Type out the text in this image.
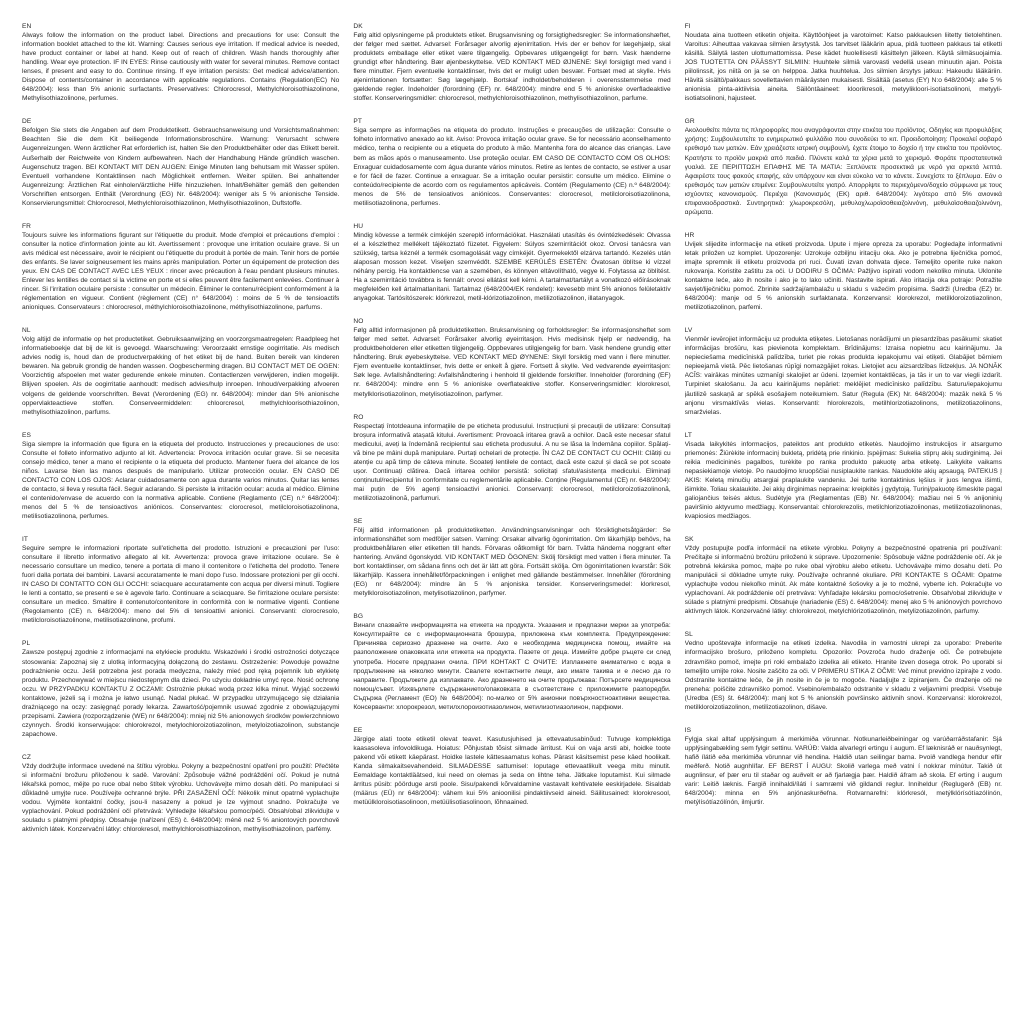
EN

Always follow the information on the product label. Directions and precautions for use: Consult the information booklet attached to the kit. Warning: Causes serious eye irritation. If medical advice is needed, have product container or label at hand. Keep out of reach of children. Wash hands thoroughly after handling. Wear eye protection. IF IN EYES: Rinse cautiously with water for several minutes. Remove contact lenses, if present and easy to do. Continue rinsing. If eye irritation persists: Get medical advice/attention. Dispose of contents/container in accordance with applicable regulations. Contains (Regulation(EC) No 648/2004): less than 5% anionic surfactants. Preservatives: Chlorocresol, Methylchloroisothiazolinone, Methylisothiazolinone, perfumes.

DE

Befolgen Sie stets die Angaben auf dem Produktetikett. Gebrauchsanweisung und Vorsichtsmaßnahmen: Beachten Sie die dem Kit beiliegende Informationsbroschüre. Warnung: Verursacht schwere Augenreizungen. Wenn ärztlicher Rat erforderlich ist, halten Sie den Produktbehälter oder das Etikett bereit. Außerhalb der Reichweite von Kindern aufbewahren. Nach der Handhabung Hände gründlich waschen. Augenschutz tragen. BEI KONTAKT MIT DEN AUGEN: Einige Minuten lang behutsam mit Wasser spülen. Eventuell vorhandene Kontaktlinsen nach Möglichkeit entfernen. Weiter spülen. Bei anhaltender Augenreizung: Ärztlichen Rat einholen/ärztliche Hilfe hinzuziehen. Inhalt/Behälter gemäß den geltenden Vorschriften entsorgen. Enthält (Verordnung (EG) Nr. 648/2004): weniger als 5 % anionische Tenside. Konservierungsmittel: Chlorocresol, Methylchloroisothiazolinon, Methylisothiazolinon, Duftstoffe.

FR

Toujours suivre les informations figurant sur l'étiquette du produit. Mode d'emploi et précautions d'emploi : consulter la notice d'information jointe au kit. Avertissement : provoque une irritation oculaire grave. Si un avis médical est nécessaire, avoir le récipient ou l'étiquette du produit à portée de main. Tenir hors de portée des enfants. Se laver soigneusement les mains après manipulation. Porter un équipement de protection des yeux. EN CAS DE CONTACT AVEC LES YEUX : rincer avec précaution à l'eau pendant plusieurs minutes. Enlever les lentilles de contact si la victime en porte et si elles peuvent être facilement enlevées. Continuer à rincer. Si l'irritation oculaire persiste : consulter un médecin. Éliminer le contenu/récipient conformément à la réglementation en vigueur. Contient (règlement (CE) n° 648/2004) : moins de 5 % de tensioactifs anioniques. Conservateurs : chlorocresol, méthylchloroisothiazolinone, méthylisothiazolinone, parfums.

NL

Volg altijd de informatie op het productetiket. Gebruiksaanwijzing en voorzorgsmaatregelen: Raadpleeg het informatieboekje dat bij de kit is gevoegd. Waarschuwing: Veroorzaakt ernstige oogirritatie. Als medisch advies nodig is, houd dan de productverpakking of het etiket bij de hand. Buiten bereik van kinderen bewaren. Na gebruik grondig de handen wassen. Oogbescherming dragen. BIJ CONTACT MET DE OGEN: Voorzichtig afspoelen met water gedurende enkele minuten. Contactlenzen verwijderen, indien mogelijk. Blijven spoelen. Als de oogirritatie aanhoudt: medisch advies/hulp inroepen. Inhoud/verpakking afvoeren volgens de geldende voorschriften. Bevat (Verordening (EG) nr. 648/2004): minder dan 5% anionische oppervlakteactieve stoffen. Conserveermiddelen: chloorcresol, methylchloorisothiazolinon, methylisothiazolinon, parfums.

ES

Siga siempre la información que figura en la etiqueta del producto. Instrucciones y precauciones de uso: Consulte el folleto informativo adjunto al kit. Advertencia: Provoca irritación ocular grave. Si se necesita consejo médico, tener a mano el recipiente o la etiqueta del producto. Mantener fuera del alcance de los niños. Lavarse bien las manos después de manipularlo. Utilizar protección ocular. EN CASO DE CONTACTO CON LOS OJOS: Aclarar cuidadosamente con agua durante varios minutos. Quitar las lentes de contacto, si lleva y resulta fácil. Seguir aclarando. Si persiste la irritación ocular: acuda al médico. Elimine el contenido/envase de acuerdo con la normativa aplicable. Contiene (Reglamento (CE) n.º 648/2004): menos del 5 % de tensioactivos aniónicos. Conservantes: clorocresol, metilcloroisotiazolinona, metilisotiazolinona, perfumes.

IT

Seguire sempre le informazioni riportate sull'etichetta del prodotto. Istruzioni e precauzioni per l'uso: consultare il libretto informativo allegato al kit. Avvertenza: provoca grave irritazione oculare. Se è necessario consultare un medico, tenere a portata di mano il contenitore o l'etichetta del prodotto. Tenere fuori dalla portata dei bambini. Lavarsi accuratamente le mani dopo l'uso. Indossare protezioni per gli occhi. IN CASO DI CONTATTO CON GLI OCCHI: sciacquare accuratamente con acqua per diversi minuti. Togliere le lenti a contatto, se presenti e se è agevole farlo. Continuare a sciacquare. Se l'irritazione oculare persiste: consultare un medico. Smaltire il contenuto/contenitore in conformità con le normative vigenti. Contiene (Regolamento (CE) n. 648/2004): meno del 5% di tensioattivi anionici. Conservanti: clorocresolo, metilcloroisotiazolinone, metilisotiazolinone, profumi.

PL

Zawsze postępuj zgodnie z informacjami na etykiecie produktu. Wskazówki i środki ostrożności dotyczące stosowania: Zapoznaj się z ulotką informacyjną dołączoną do zestawu. Ostrzeżenie: Powoduje poważne podrażnienie oczu. Jeśli potrzebna jest porada medyczna, należy mieć pod ręką pojemnik lub etykietę produktu. Przechowywać w miejscu niedostępnym dla dzieci. Po użyciu dokładnie umyć ręce. Nosić ochronę oczu. W PRZYPADKU KONTAKTU Z OCZAMI: Ostrożnie płukać wodą przez kilka minut. Wyjąć soczewki kontaktowe, jeżeli są i można je łatwo usunąć. Nadal płukać. W przypadku utrzymującego się działania drażniącego na oczy: zasięgnąć porady lekarza. Zawartość/pojemnik usuwać zgodnie z obowiązującymi przepisami. Zawiera (rozporządzenie (WE) nr 648/2004): mniej niż 5% anionowych środków powierzchniowo czynnych. Środki konserwujące: chlorokrezol, metylochloroizotiazolinon, metyloizotiazolinon, substancje zapachowe.

CZ

Vždy dodržujte informace uvedené na štítku výrobku. Pokyny a bezpečnostní opatření pro použití: Přečtěte si informační brožuru přiloženou k sadě. Varování: Způsobuje vážné podráždění očí. Pokud je nutná lékařská pomoc, mějte po ruce obal nebo štítek výrobku. Uchovávejte mimo dosah dětí. Po manipulaci si důkladně umyjte ruce. Používejte ochranné brýle. PŘI ZASAŽENÍ OČÍ: Několik minut opatrně vyplachujte vodou. Vyjměte kontaktní čočky, jsou-li nasazeny a pokud je lze vyjmout snadno. Pokračujte ve vyplachování. Pokud podráždění očí přetrvává: Vyhledejte lékařskou pomoc/péči. Obsah/obal zlikvidujte v souladu s platnými předpisy. Obsahuje (nařízení (ES) č. 648/2004): méně než 5 % aniontových povrchově aktivních látek. Konzervační látky: chlorokresol, methylchloroisothiazolinon, methylisothiazolinon, parfémy.

DK

Følg altid oplysningerne på produktets etiket. Brugsanvisning og forsigtighedsregler: Se informationshæftet, der følger med sættet. Advarsel: Forårsager alvorlig øjenirritation. Hvis der er behov for lægehjælp, skal produktets emballage eller etiket være tilgængelig. Opbevares utilgængeligt for børn. Vask hænderne grundigt efter håndtering. Bær øjenbeskyttelse. VED KONTAKT MED ØJNENE: Skyl forsigtigt med vand i flere minutter. Fjern eventuelle kontaktlinser, hvis det er muligt uden besvær. Fortsæt med at skylle. Hvis øjenirritationen fortsætter: Søg lægehjælp. Bortskaf indholdet/beholderen i overensstemmelse med gældende regler. Indeholder (forordning (EF) nr. 648/2004): mindre end 5 % anioniske overfladeaktive stoffer. Konserveringsmidler: chlorocresol, methylchloroisothiazolinon, methylisothiazolinon, parfume.

PT

Siga sempre as informações na etiqueta do produto. Instruções e precauções de utilização: Consulte o folheto informativo anexado ao kit. Aviso: Provoca irritação ocular grave. Se for necessário aconselhamento médico, tenha o recipiente ou a etiqueta do produto à mão. Mantenha fora do alcance das crianças. Lave bem as mãos após o manuseamento. Use proteção ocular. EM CASO DE CONTACTO COM OS OLHOS: Enxaguar cuidadosamente com água durante vários minutos. Retire as lentes de contacto, se estiver a usar e for fácil de fazer. Continue a enxaguar. Se a irritação ocular persistir: consulte um médico. Elimine o conteúdo/recipiente de acordo com os regulamentos aplicáveis. Contém (Regulamento (CE) n.º 648/2004): menos de 5% de tensioativos aniónicos. Conservantes: clorocresol, metilcloroisotiazolinona, metilisotiazolinona, perfumes.

HU

Mindig kövesse a termék címkéjén szereplő információkat. Használati utasítás és óvintézkedések: Olvassa el a készlethez mellékelt tájékoztató füzetet. Figyelem: Súlyos szemirritációt okoz. Orvosi tanácsra van szükség, tartsa kéznél a termék csomagolását vagy címkéjét. Gyermekektől elzárva tartandó. Kezelés után alaposan mosson kezet. Viseljen szemvédőt. SZEMBE KERÜLÉS ESETÉN: Óvatosan öblítse ki vízzel néhány percig. Ha kontaktlencse van a szemében, és könnyen eltávolítható, vegye ki. Folytassa az öblítést. Ha a szemirritáció továbbra is fennáll: orvosi ellátást kell kérni. A tartalmat/tartályt a vonatkozó előírásoknak megfelelően kell ártalmatlanítani. Tartalmaz (648/2004/EK rendelet): kevesebb mint 5% anionos felületaktív anyagokat. Tartósítószerek: klórkrezol, metil-klórizotiazolinon, metilizotiazolinon, illatanyagok.

NO

Følg alltid informasjonen på produktetiketten. Bruksanvisning og forholdsregler: Se informasjonsheftet som følger med settet. Advarsel: Forårsaker alvorlig øyeirritasjon. Hvis medisinsk hjelp er nødvendig, ha produktbeholderen eller etiketten tilgjengelig. Oppbevares utilgjengelig for barn. Vask hendene grundig etter håndtering. Bruk øyebeskyttelse. VED KONTAKT MED ØYNENE: Skyll forsiktig med vann i flere minutter. Fjern eventuelle kontaktlinser, hvis dette er enkelt å gjøre. Fortsett å skylle. Ved vedvarende øyeirritasjon: Søk lege. Avfallshåndtering: Avfallshåndtering i henhold til gjeldende forskrifter. Inneholder (forordning (EF) nr. 648/2004): mindre enn 5 % anioniske overflateaktive stoffer. Konserveringsmidler: klorokresol, metylklorisotiazolinon, metylisotiazolinon, parfymer.

RO

Respectați întotdeauna informațiile de pe eticheta produsului. Instrucțiuni și precauții de utilizare: Consultați broșura informativă atașată kitului. Avertisment: Provoacă iritarea gravă a ochilor. Dacă este necesar sfatul medicului, aveți la îndemână recipientul sau eticheta produsului. A nu se lăsa la îndemâna copiilor. Spălați-vă bine pe mâini după manipulare. Purtați ochelari de protecție. ÎN CAZ DE CONTACT CU OCHII: Clătiți cu atenție cu apă timp de câteva minute. Scoateți lentilele de contact, dacă este cazul și dacă se pot scoate ușor. Continuați clătirea. Dacă iritarea ochilor persistă: solicitați sfatul/asistența medicului. Eliminați conținutul/recipientul în conformitate cu reglementările aplicabile. Conține (Regulamentul (CE) nr. 648/2004): mai puțin de 5% agenți tensioactivi anionici. Conservanți: clorocresol, metilcloroizotiazolinonă, metilizotiazolinonă, parfumuri.

SE

Följ alltid informationen på produktetiketten. Användningsanvisningar och försiktighetsåtgärder: Se informationshäftet som medföljer satsen. Varning: Orsakar allvarlig ögonirritation. Om läkarhjälp behövs, ha produktbehållaren eller etiketten till hands. Förvaras oåtkomligt för barn. Tvätta händerna noggrant efter hantering. Använd ögonskydd. VID KONTAKT MED ÖGONEN: Skölj försiktigt med vatten i flera minuter. Ta bort kontaktlinser, om sådana finns och det är lätt att göra. Fortsätt skölja. Om ögonirritationen kvarstår: Sök läkarhjälp. Kassera innehållet/förpackningen i enlighet med gällande bestämmelser. Innehåller (förordning (EG) nr 648/2004): mindre än 5 % anjoniska tensider. Konserveringsmedel: klorkresol, metylkloroisotiazolinon, metylisotiazolinon, parfymer.

BG

Винаги спазвайте информацията на етикета на продукта. Указания и предпазни мерки за употреба: Консултирайте се с информационната брошура, приложена към комплекта. Предупреждение: Причинява сериозно дразнене на очите. Ако е необходима медицинска помощ, имайте на разположение опаковката или етикета на продукта. Пазете от деца. Измийте добре ръцете си след употреба. Носете предпазни очила. ПРИ КОНТАКТ С ОЧИТЕ: Изплакнете внимателно с вода в продължение на няколко минути. Свалете контактните лещи, ако имате такива и е лесно да го направите. Продължете да изплаквате. Ако дразненето на очите продължава: Потърсете медицинска помощ/съвет. Изхвърлете съдържанието/опаковката в съответствие с приложимите разпоредби. Съдържа (Регламент (ЕО) № 648/2004): по-малко от 5% анионни повърхностноактивни вещества. Консерванти: хлорокрезол, метилхлороизотиазолинон, метилизотиазолинон, парфюми.

EE

Järgige alati toote etiketil olevat teavet. Kasutusjuhised ja ettevaatusabinõud: Tutvuge komplektiga kaasasoleva infovoldikuga. Hoiatus: Põhjustab tõsist silmade ärritust. Kui on vaja arsti abi, hoidke toote pakend või etikett käepärast. Hoidke lastele kättesaamatus kohas. Pärast käsitsemist pese käed hoolikalt. Kanda silmakaitsevahendeid. SILMADESSE sattumisel: loputage ettevaatlikult veega mitu minutit. Eemaldage kontaktläätsed, kui need on olemas ja seda on lihtne teha. Jätkake loputamist. Kui silmade ärritus püsib: pöörduge arsti poole. Sisu/pakendi kõrvaldamine vastavalt kehtivatele eeskirjadele. Sisaldab (määrus (EÜ) nr 648/2004): vähem kui 5% anioonilisi pindaktiivseid aineid. Säilitusained: klorokresool, metüülkloroisotiasolinoon, metüülisotiasolinoon, lõhnaained.

FI

Noudata aina tuotteen etiketin ohjeita. Käyttöohjeet ja varotoimet: Katso pakkauksen liitetty tietolehtinen. Varoitus: Aiheuttaa vakavaa silmien ärsytystä. Jos tarvitset lääkärin apua, pidä tuotteen pakkaus tai etiketti käsillä. Säilytä lasten ulottumattomissa. Pese kädet huolellisesti käsittelyn jälkeen. Käytä silmäsuojaimia. JOS TUOTETTA ON PÄÄSSYT SILMIIN: Huuhtele silmiä varovasti vedellä usean minuutin ajan. Poista piilolinssit, jos niitä on ja se on helppoa. Jatka huuhtelua. Jos silmien ärsytys jatkuu: Hakeudu lääkäriin. Hävitä sisältö/pakkaus sovellettavien määräysten mukaisesti. Sisältää (asetus (EY) N:o 648/2004): alle 5 % anionisia pinta-aktiivisia aineita. Säilöntäaineet: kloorikresoli, metyylikloori-isotiatsolinoni, metyyli-isotiatsolinoni, hajusteet.

GR

Ακολουθείτε πάντα τις πληροφορίες που αναγράφονται στην ετικέτα του προϊόντος. Οδηγίες και προφυλάξεις χρήσης: Συμβουλευτείτε το ενημερωτικό φυλλάδιο που συνοδεύει το κιτ. Προειδοποίηση: Προκαλεί σοβαρό ερεθισμό των ματιών. Εάν χρειάζεστε ιατρική συμβουλή, έχετε έτοιμο το δοχείο ή την ετικέτα του προϊόντος. Κρατήστε το προϊόν μακριά από παιδιά. Πλύνετε καλά τα χέρια μετά το χειρισμό. Φοράτε προστατευτικά γυαλιά. ΣΕ ΠΕΡΙΠΤΩΣΗ ΕΠΑΦΗΣ ΜΕ ΤΑ ΜΑΤΙΑ: Ξεπλύνετε προσεκτικά με νερό για αρκετά λεπτά. Αφαιρέστε τους φακούς επαφής, εάν υπάρχουν και είναι εύκολο να το κάνετε. Συνεχίστε το ξέπλυμα. Εάν ο ερεθισμός των ματιών επιμένει: Συμβουλευτείτε γιατρό. Απορρίψτε το περιεχόμενο/δοχείο σύμφωνα με τους ισχύοντες κανονισμούς. Περιέχει (Κανονισμός (ΕΚ) αριθ. 648/2004): λιγότερο από 5% ανιονικά επιφανειοδραστικά. Συντηρητικά: χλωροκρεσόλη, μεθυλοχλωροϊσοθειαζολινόνη, μεθυλοϊσοθειαζολινόνη, αρώματα.

HR

Uvijek slijedite informacije na etiketi proizvoda. Upute i mjere opreza za uporabu: Pogledajte informativni letak priložen uz komplet. Upozorenje: Uzrokuje ozbiljnu iritaciju oka. Ako je potrebna liječnička pomoć, imajte spremnik ili etiketu proizvoda pri ruci. Čuvati izvan dohvata djece. Temeljito operite ruke nakon rukovanja. Koristite zaštitu za oči. U DODIRU S OČIMA: Pažljivo ispirati vodom nekoliko minuta. Uklonite kontaktne leće, ako ih nosite i ako je to lako učiniti. Nastavite ispirati. Ako iritacija oka potraje: Potražite savjet/liječničku pomoć. Zbrinite sadržaj/ambalažu u skladu s važećim propisima. Sadrži (Uredba (EZ) br. 648/2004): manje od 5 % anionskih surfaktanata. Konzervansi: klorokrezol, metilkloroizotiazolinon, metilizotiazolinon, parfemi.

LV

Vienmēr ievērojiet informāciju uz produkta etiķetes. Lietošanas norādījumi un piesardzības pasākumi: skatiet informācijas brošūru, kas pievienota komplektam. Brīdinājums: Izraisa nopietnu acu kairinājumu. Ja nepieciešama medicīniskā palīdzība, turiet pie rokas produkta iepakojumu vai etiķeti. Glabājiet bērniem nepieejamā vietā. Pēc lietošanas rūpīgi nomazgājiet rokas. Lietojiet acu aizsardzības līdzekļus. JA NONĀK ACĪS: vairākas minūtes uzmanīgi skalojiet ar ūdeni. Izņemiet kontaktlēcas, ja tās ir un to var viegli izdarīt. Turpiniet skalošanu. Ja acu kairinājums nepāriet: meklējiet medicīnisko palīdzību. Saturu/iepakojumu jāutilizē saskaņā ar spēkā esošajiem noteikumiem. Satur (Regula (EK) Nr. 648/2004): mazāk nekā 5 % anjonu virsmaktīvās vielas. Konservanti: hlorokrezols, metilhlorizotiazolinons, metilizotiazolinons, smaržvielas.

LT

Visada laikykitės informacijos, pateiktos ant produkto etiketės. Naudojimo instrukcijos ir atsargumo priemonės: Žiūrėkite informacinį bukletą, pridėtą prie rinkinio. Įspėjimas: Sukelia stiprų akių sudirginimą. Jei reikia medicininės pagalbos, turėkite po ranka produkto pakuotę arba etiketę. Laikykite vaikams nepasiekiamoje vietoje. Po naudojimo kruopščiai nusiplaukite rankas. Naudokite akių apsaugą. PATEKUS Į AKIS: Keletą minučių atsargiai praplaukite vandeniu. Jei turite kontaktinius lęšius ir juos lengva išimti, išimkite. Toliau skalaukite. Jei akių dirginimas nepraeina: kreipkitės į gydytoją. Turinį/pakuotę išmeskite pagal galiojančius teisės aktus. Sudėtyje yra (Reglamentas (EB) Nr. 648/2004): mažiau nei 5 % anijoninių paviršinio aktyvumo medžiagų. Konservantai: chlorokrezolis, metilchlorizotiazolinonas, metilizotiazolinonas, kvapiosios medžiagos.

SK

Vždy postupujte podľa informácií na etikete výrobku. Pokyny a bezpečnostné opatrenia pri používaní: Prečítajte si informačnú brožúru priloženú k súprave. Upozornenie: Spôsobuje vážne podráždenie očí. Ak je potrebná lekárska pomoc, majte po ruke obal výrobku alebo etiketu. Uchovávajte mimo dosahu detí. Po manipulácii si dôkladne umyte ruky. Používajte ochranné okuliare. PRI KONTAKTE S OČAMI: Opatrne vyplachujte vodou niekoľko minút. Ak máte kontaktné šošovky a je to možné, vyberte ich. Pokračujte vo vyplachovaní. Ak podráždenie očí pretrváva: Vyhľadajte lekársku pomoc/ošetrenie. Obsah/obal zlikvidujte v súlade s platnými predpismi. Obsahuje (nariadenie (ES) č. 648/2004): menej ako 5 % aniónových povrchovo aktívnych látok. Konzervačné látky: chlorokrezol, metylchlórizotiazolinón, metylizotiazolinón, parfumy.

SL

Vedno upoštevajte informacije na etiketi izdelka. Navodila in varnostni ukrepi za uporabo: Preberite informacijsko brošuro, priloženo kompletu. Opozorilo: Povzroča hudo draženje oči. Če potrebujete zdravniško pomoč, imejte pri roki embalažo izdelka ali etiketo. Hranite izven dosega otrok. Po uporabi si temeljito umijte roke. Nosite zaščito za oči. V PRIMERU STIKA Z OČMI: Več minut previdno izpirajte z vodo. Odstranite kontaktne leče, če jih nosite in če je to mogoče. Nadaljujte z izpiranjem. Če draženje oči ne preneha: poiščite zdravniško pomoč. Vsebino/embalažo odstranite v skladu z veljavnimi predpisi. Vsebuje (Uredba (ES) št. 648/2004): manj kot 5 % anionskih površinsko aktivnih snovi. Konzervansi: klorokrezol, metilkloroizotiazolinon, metilizotiazolinon, dišave.

IS

Fylgja skal alltaf upplýsingum á merkimiða vörunnar. Notkunarleiðbeiningar og varúðarráðstafanir: Sjá upplýsingabækling sem fylgir settinu. VARÚÐ: Valda alvarlegri ertingu í augum. Ef læknisráð er nauðsynlegt, hafið ílátið eða merkimiða vörunnar við hendina. Haldið utan seilingar barna. Þvoið vandlega hendur eftir meðferð. Notið augnhlífar. EF BERST Í AUGU: Skolið varlega með vatni í nokkrar mínútur. Takið út augnlinsur, ef þær eru til staðar og auðvelt er að fjarlægja þær. Haldið áfram að skola. Ef erting í augum varir: Leitið læknis. Fargið innihaldi/íláti í samræmi við gildandi reglur. Inniheldur (Reglugerð (EB) nr. 648/2004): minna en 5% anjónaskurðefna. Rotvarnarefni: klórkresól, metýlklórísótíazólínón, metýlísótíazólínón, ilmjurtir.
